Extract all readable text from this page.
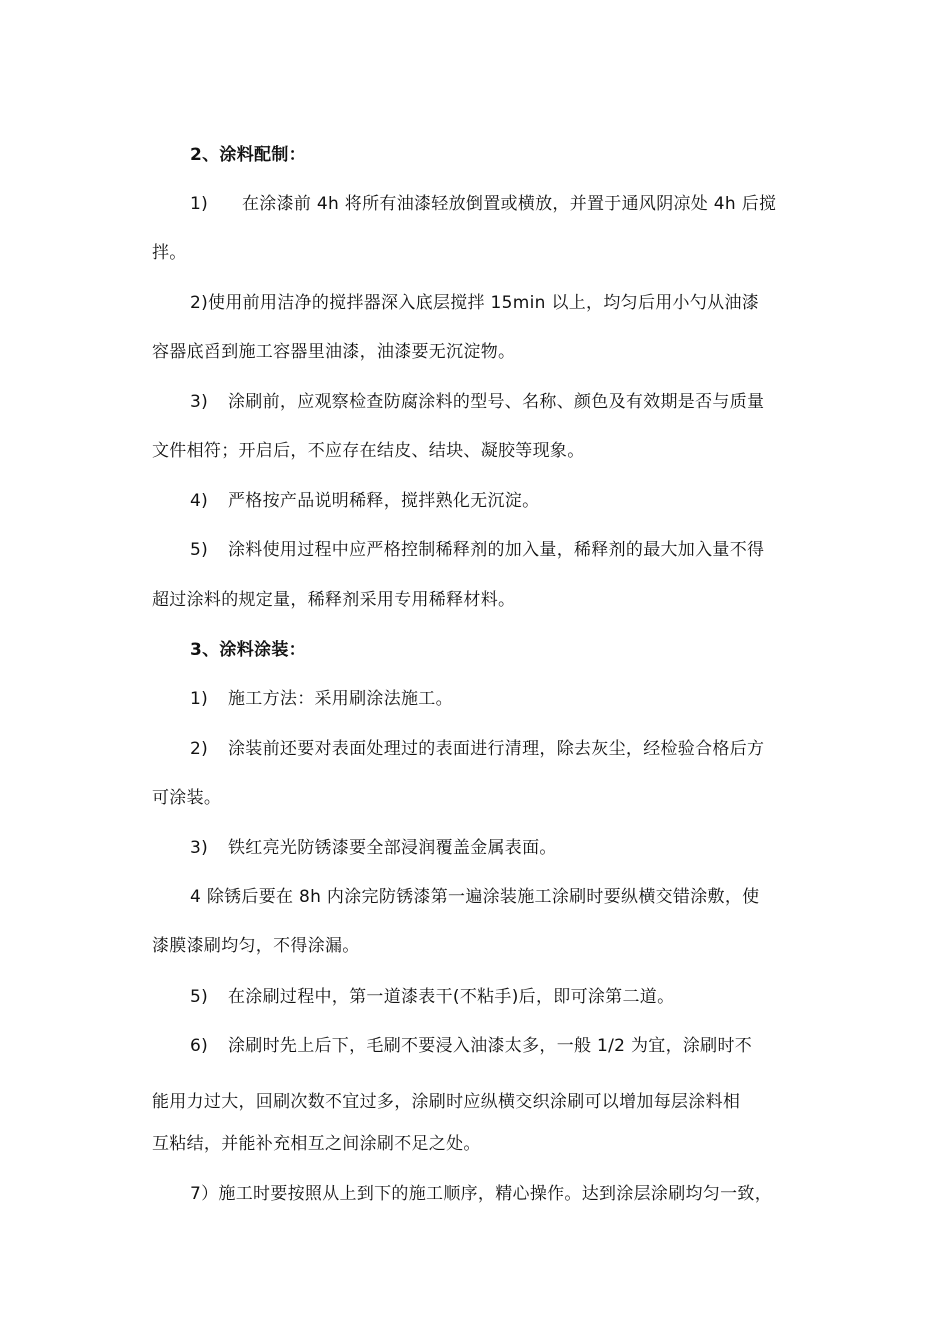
2、涂料配制：
1) 在涂漆前 4h 将所有油漆轻放倒置或横放，并置于通风阴凉处 4h 后搅
拌。
2)使用前用洁净的搅拌器深入底层搅拌 15min 以上，均匀后用小勺从油漆
容器底舀到施工容器里油漆，油漆要无沉淀物。
3) 涂刷前，应观察检查防腐涂料的型号、名称、颜色及有效期是否与质量
文件相符；开启后，不应存在结皮、结块、凝胶等现象。
4) 严格按产品说明稀释，搅拌熟化无沉淀。
5) 涂料使用过程中应严格控制稀释剂的加入量，稀释剂的最大加入量不得
超过涂料的规定量，稀释剂采用专用稀释材料。
3、涂料涂装：
1) 施工方法：采用刷涂法施工。
2) 涂装前还要对表面处理过的表面进行清理，除去灰尘，经检验合格后方
可涂装。
3) 铁红亮光防锈漆要全部浸润覆盖金属表面。
4 除锈后要在 8h 内涂完防锈漆第一遍涂装施工涂刷时要纵横交错涂敷，使
漆膜漆刷均匀，不得涂漏。
5) 在涂刷过程中，第一道漆表干(不粘手)后，即可涂第二道。
6) 涂刷时先上后下，毛刷不要浸入油漆太多，一般 1/2 为宜，涂刷时不
能用力过大，回刷次数不宜过多，涂刷时应纵横交织涂刷可以增加每层涂料相
互粘结，并能补充相互之间涂刷不足之处。
7）施工时要按照从上到下的施工顺序，精心操作。达到涂层涂刷均匀一致，
